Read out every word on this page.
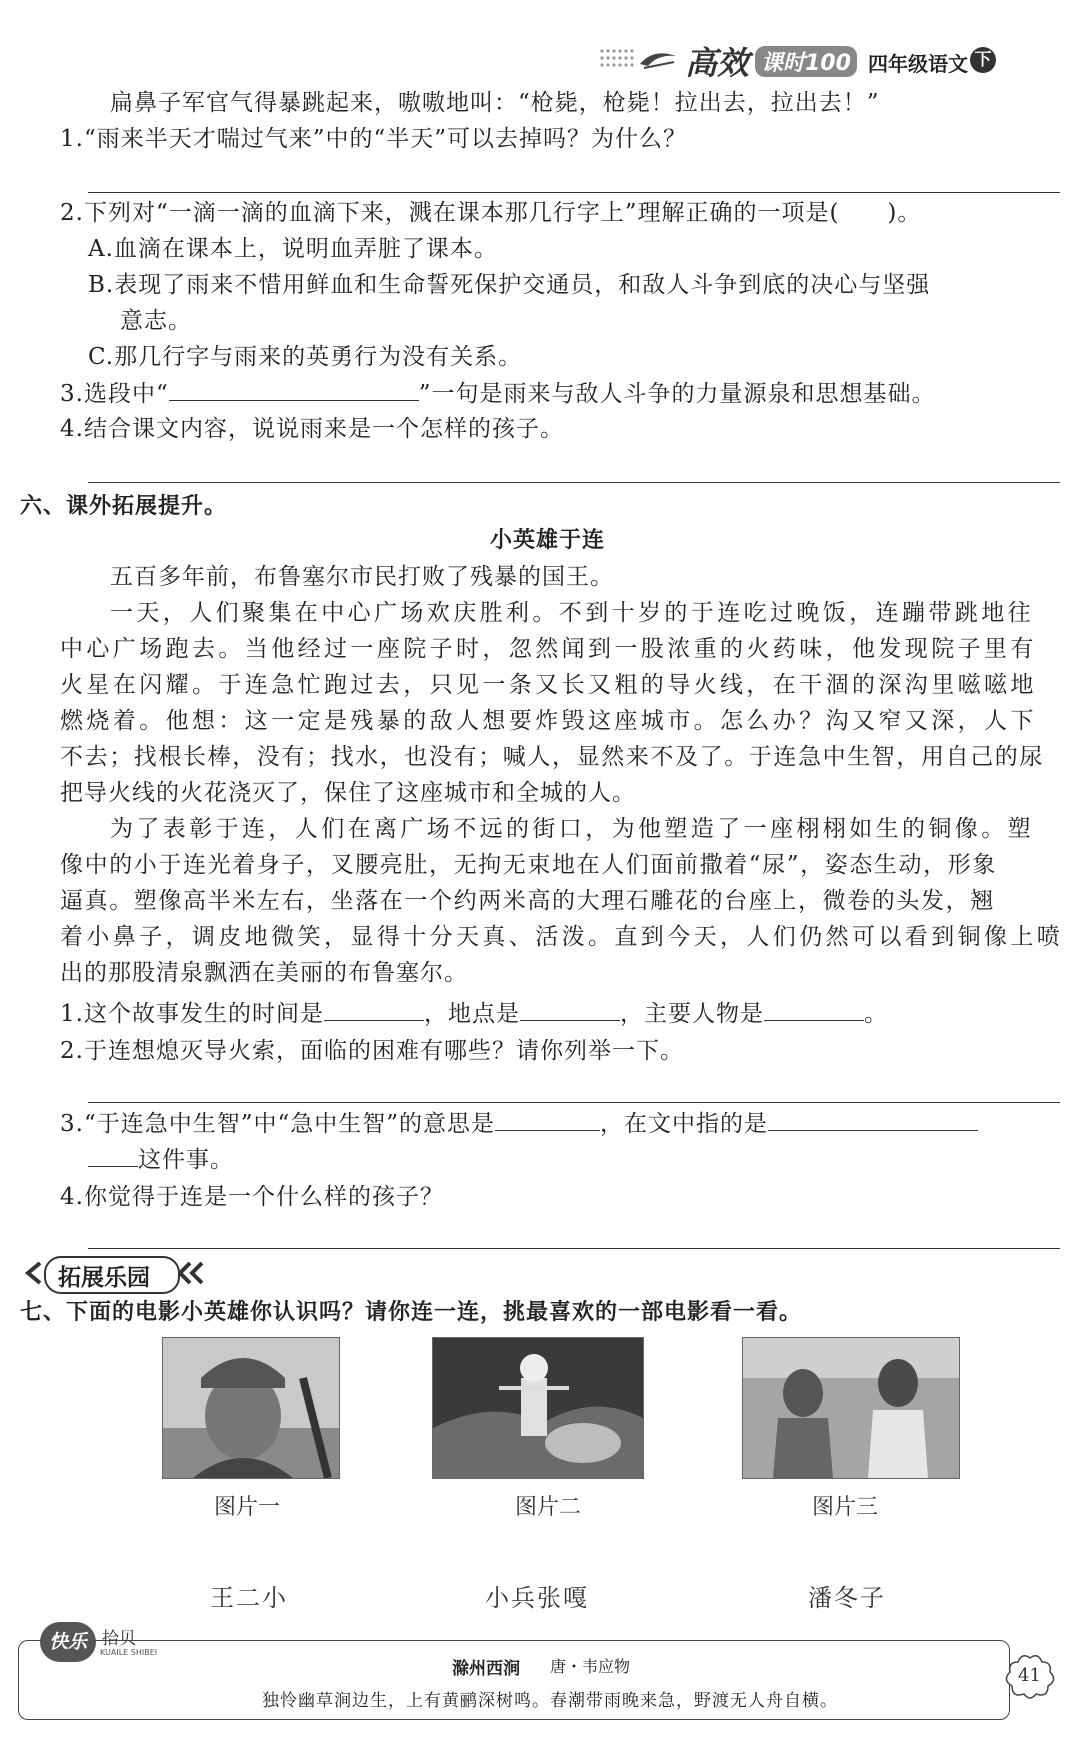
高效 课时100 四年级语文 下
扁鼻子军官气得暴跳起来，嗷嗷地叫：“枪毙，枪毙！拉出去，拉出去！”
1.“雨来半天才喘过气来”中的“半天”可以去掉吗？为什么？
2.下列对“一滴一滴的血滴下来，溅在课本那几行字上”理解正确的一项是(　　)。
A.血滴在课本上，说明血弄脏了课本。
B.表现了雨来不惜用鲜血和生命誓死保护交通员，和敌人斗争到底的决心与坚强
意志。
C.那几行字与雨来的英勇行为没有关系。
3.选段中“	”一句是雨来与敌人斗争的力量源泉和思想基础。
4.结合课文内容，说说雨来是一个怎样的孩子。
六、课外拓展提升。
小英雄于连
五百多年前，布鲁塞尔市民打败了残暴的国王。
一天，人们聚集在中心广场欢庆胜利。不到十岁的于连吃过晚饭，连蹦带跳地往
中心广场跑去。当他经过一座院子时，忽然闻到一股浓重的火药味，他发现院子里有
火星在闪耀。于连急忙跑过去，只见一条又长又粗的导火线，在干涸的深沟里嗞嗞地
燃烧着。他想：这一定是残暴的敌人想要炸毁这座城市。怎么办？沟又窄又深，人下
不去；找根长棒，没有；找水，也没有；喊人，显然来不及了。于连急中生智，用自己的尿
把导火线的火花浇灭了，保住了这座城市和全城的人。
为了表彰于连，人们在离广场不远的街口，为他塑造了一座栩栩如生的铜像。塑
像中的小于连光着身子，叉腰亮肚，无拘无束地在人们面前撒着“尿”，姿态生动，形象
逼真。塑像高半米左右，坐落在一个约两米高的大理石雕花的台座上，微卷的头发，翘
着小鼻子，调皮地微笑，显得十分天真、活泼。直到今天，人们仍然可以看到铜像上喷
出的那股清泉飘洒在美丽的布鲁塞尔。
1.这个故事发生的时间是	，地点是	，主要人物是	。
2.于连想熄灭导火索，面临的困难有哪些？请你列举一下。
3.“于连急中生智”中“急中生智”的意思是	，在文中指的是
这件事。
4.你觉得于连是一个什么样的孩子？
拓展乐园
七、下面的电影小英雄你认识吗？请你连一连，挑最喜欢的一部电影看一看。
图片一	图片二	图片三
王二小	小兵张嘎	潘冬子
快乐 拾贝
KUAILE SHIBEI
滁州西涧 唐・韦应物
独怜幽草涧边生，上有黄鹂深树鸣。春潮带雨晚来急，野渡无人舟自横。
41
